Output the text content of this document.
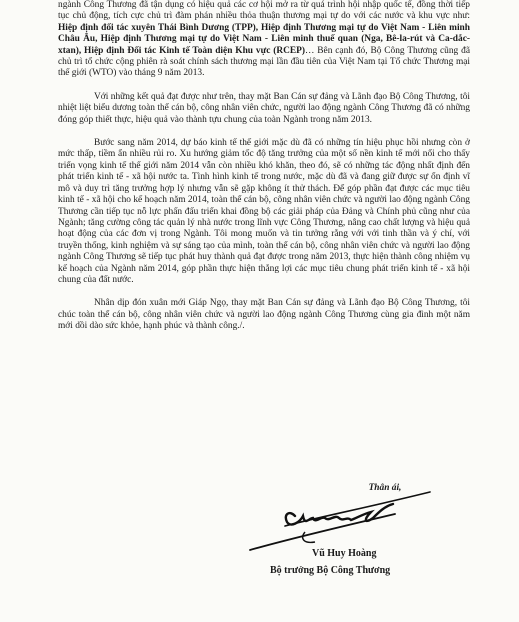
ngành Công Thương đã tận dụng có hiệu quả các cơ hội mở ra từ quá trình hội nhập quốc tế, đồng thời tiếp tục chủ động, tích cực chủ trì đàm phán nhiều thỏa thuận thương mại tự do với các nước và khu vực như: Hiệp định đối tác xuyên Thái Bình Dương (TPP), Hiệp định Thương mại tự do Việt Nam - Liên minh Châu Âu, Hiệp định Thương mại tự do Việt Nam - Liên minh thuế quan (Nga, Bê-la-rút và Ca-dắc-xtan), Hiệp định Đối tác Kinh tế Toàn diện Khu vực (RCEP)… Bên cạnh đó, Bộ Công Thương cũng đã chủ trì tổ chức cộng phiên rà soát chính sách thương mại lần đầu tiên của Việt Nam tại Tổ chức Thương mại thế giới (WTO) vào tháng 9 năm 2013.

Với những kết quả đạt được như trên, thay mặt Ban Cán sự đảng và Lãnh đạo Bộ Công Thương, tôi nhiệt liệt biểu dương toàn thể cán bộ, công nhân viên chức, người lao động ngành Công Thương đã có những đóng góp thiết thực, hiệu quả vào thành tựu chung của toàn Ngành trong năm 2013.

Bước sang năm 2014, dự báo kinh tế thế giới mặc dù đã có những tín hiệu phục hồi nhưng còn ở mức thấp, tiềm ẩn nhiều rủi ro. Xu hướng giảm tốc độ tăng trưởng của một số nền kinh tế mới nổi cho thấy triển vọng kinh tế thế giới năm 2014 vẫn còn nhiều khó khăn, theo đó, sẽ có những tác động nhất định đến phát triển kinh tế - xã hội nước ta. Tình hình kinh tế trong nước, mặc dù đã và đang giữ được sự ổn định vĩ mô và duy trì tăng trưởng hợp lý nhưng vẫn sẽ gặp không ít thử thách. Để góp phần đạt được các mục tiêu kinh tế - xã hội cho kế hoạch năm 2014, toàn thể cán bộ, công nhân viên chức và người lao động ngành Công Thương cần tiếp tục nỗ lực phấn đấu triển khai đồng bộ các giải pháp của Đảng và Chính phủ cũng như của Ngành; tăng cường công tác quản lý nhà nước trong lĩnh vực Công Thương, nâng cao chất lượng và hiệu quả hoạt động của các đơn vị trong Ngành. Tôi mong muốn và tin tưởng rằng với với tinh thần và ý chí, với truyền thống, kinh nghiệm và sự sáng tạo của mình, toàn thể cán bộ, công nhân viên chức và người lao động ngành Công Thương sẽ tiếp tục phát huy thành quả đạt được trong năm 2013, thực hiện thành công nhiệm vụ kế hoạch của Ngành năm 2014, góp phần thực hiện thắng lợi các mục tiêu chung phát triển kinh tế - xã hội chung của đất nước.

Nhân dịp đón xuân mới Giáp Ngọ, thay mặt Ban Cán sự đảng và Lãnh đạo Bộ Công Thương, tôi chúc toàn thể cán bộ, công nhân viên chức và người lao động ngành Công Thương cùng gia đình một năm mới dồi dào sức khỏe, hạnh phúc và thành công./.

Thân ái,
Vũ Huy Hoàng
Bộ trưởng Bộ Công Thương
